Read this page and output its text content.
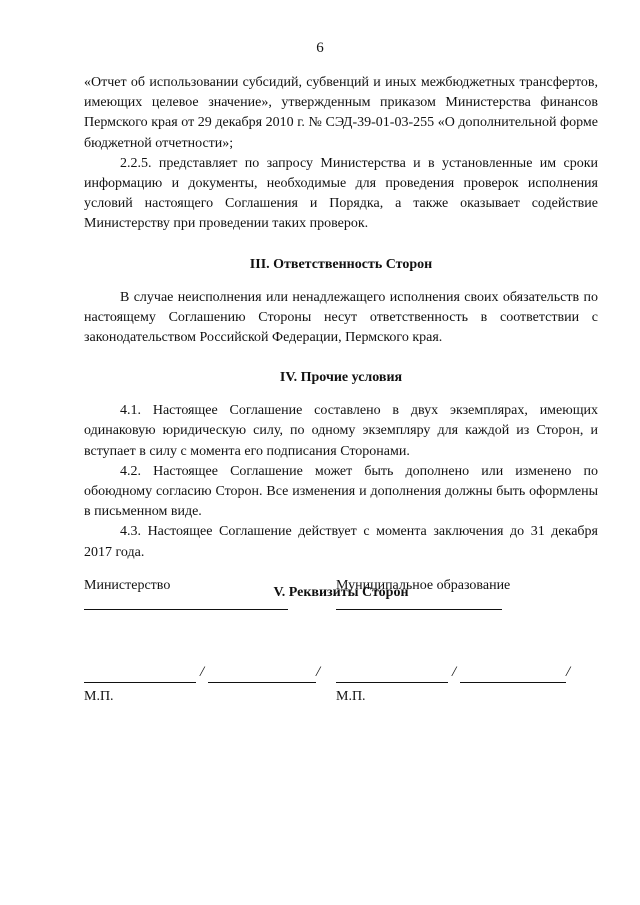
6

«Отчет об использовании субсидий, субвенций и иных межбюджетных трансфертов, имеющих целевое значение», утвержденным приказом Министерства финансов Пермского края от 29 декабря 2010 г. № СЭД-39-01-03-255 «О дополнительной форме бюджетной отчетности»;

2.2.5. представляет по запросу Министерства и в установленные им сроки информацию и документы, необходимые для проведения проверок исполнения условий настоящего Соглашения и Порядка, а также оказывает содействие Министерству при проведении таких проверок.

III. Ответственность Сторон

В случае неисполнения или ненадлежащего исполнения своих обязательств по настоящему Соглашению Стороны несут ответственность в соответствии с законодательством Российской Федерации, Пермского края.

IV. Прочие условия

4.1. Настоящее Соглашение составлено в двух экземплярах, имеющих одинаковую юридическую силу, по одному экземпляру для каждой из Сторон, и вступает в силу с момента его подписания Сторонами.

4.2. Настоящее Соглашение может быть дополнено или изменено по обоюдному согласию Сторон. Все изменения и дополнения должны быть оформлены в письменном виде.

4.3. Настоящее Соглашение действует с момента заключения до 31 декабря 2017 года.

V. Реквизиты Сторон
Министерство
/	/
М.П.
Муниципальное образование
/	/
М.П.
